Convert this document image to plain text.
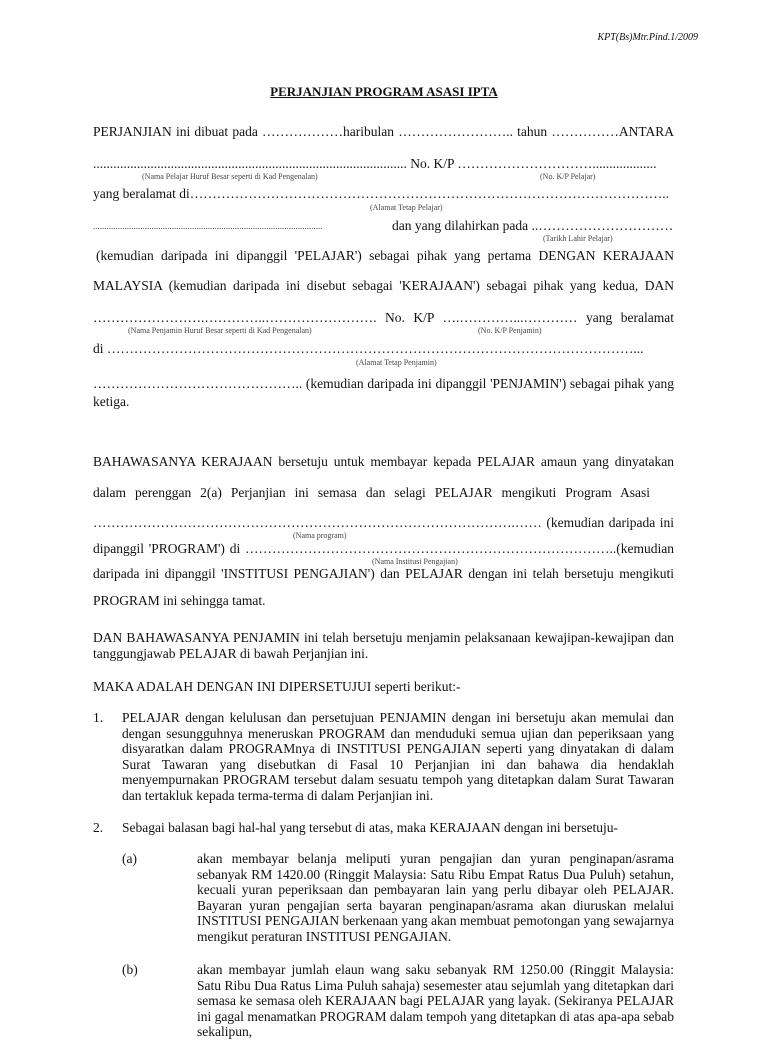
KPT(Bs)Mtr.Pind.1/2009
PERJANJIAN PROGRAM ASASI IPTA
PERJANJIAN ini dibuat pada ………………haribulan …………………….. tahun ……………ANTARA
............................................................................................. No. K/P …………………………...................
(Nama Pelajar Huruf Besar seperti di Kad Pengenalan)	(No. K/P Pelajar)
yang beralamat di……………………………………………………………………………………………..
(Alamat Tetap Pelajar)
......................................................................................................	dan yang dilahirkan pada ..…………………………
(Tarikh Lahir Pelajar)
(kemudian daripada ini dipanggil 'PELAJAR') sebagai pihak yang pertama DENGAN KERAJAAN
MALAYSIA (kemudian daripada ini disebut sebagai 'KERAJAAN') sebagai pihak yang kedua, DAN
…………………….…………..……………………. No. K/P ….…………...………… yang beralamat
(Nama Penjamin Huruf Besar seperti di Kad Pengenalan)	(No. K/P Penjamin)
di ………………………………………………………………………………………………………...
(Alamat Tetap Penjamin)
……………………………………….. (kemudian daripada ini dipanggil 'PENJAMIN') sebagai pihak yang
ketiga.
BAHAWASANYA KERAJAAN bersetuju untuk membayar kepada PELAJAR amaun yang dinyatakan
dalam perenggan 2(a) Perjanjian ini semasa dan selagi PELAJAR mengikuti Program Asasi
………………………………………………………………………………….…… (kemudian daripada ini
(Nama program)
dipanggil 'PROGRAM') di ………………………………………………………………………..(kemudian
(Nama Institusi Pengajian)
daripada ini dipanggil 'INSTITUSI PENGAJIAN') dan PELAJAR dengan ini telah bersetuju mengikuti
PROGRAM ini sehingga tamat.
DAN BAHAWASANYA PENJAMIN ini telah bersetuju menjamin pelaksanaan kewajipan-kewajipan dan tanggungjawab PELAJAR di bawah Perjanjian ini.
MAKA ADALAH DENGAN INI DIPERSETUJUI seperti berikut:-
1. PELAJAR dengan kelulusan dan persetujuan PENJAMIN dengan ini bersetuju akan memulai dan dengan sesungguhnya meneruskan PROGRAM dan menduduki semua ujian dan peperiksaan yang disyaratkan dalam PROGRAMnya di INSTITUSI PENGAJIAN seperti yang dinyatakan di dalam Surat Tawaran yang disebutkan di Fasal 10 Perjanjian ini dan bahawa dia hendaklah menyempurnakan PROGRAM tersebut dalam sesuatu tempoh yang ditetapkan dalam Surat Tawaran dan tertakluk kepada terma-terma di dalam Perjanjian ini.
2. Sebagai balasan bagi hal-hal yang tersebut di atas, maka KERAJAAN dengan ini bersetuju-
(a)	akan membayar belanja meliputi yuran pengajian dan yuran penginapan/asrama sebanyak RM 1420.00 (Ringgit Malaysia: Satu Ribu Empat Ratus Dua Puluh) setahun, kecuali yuran peperiksaan dan pembayaran lain yang perlu dibayar oleh PELAJAR. Bayaran yuran pengajian serta bayaran penginapan/asrama akan diuruskan melalui INSTITUSI PENGAJIAN berkenaan yang akan membuat pemotongan yang sewajarnya mengikut peraturan INSTITUSI PENGAJIAN.
(b)	akan membayar jumlah elaun wang saku sebanyak RM 1250.00 (Ringgit Malaysia: Satu Ribu Dua Ratus Lima Puluh sahaja) sesemester atau sejumlah yang ditetapkan dari semasa ke semasa oleh KERAJAAN bagi PELAJAR yang layak. (Sekiranya PELAJAR ini gagal menamatkan PROGRAM dalam tempoh yang ditetapkan di atas apa-apa sebab sekalipun,
